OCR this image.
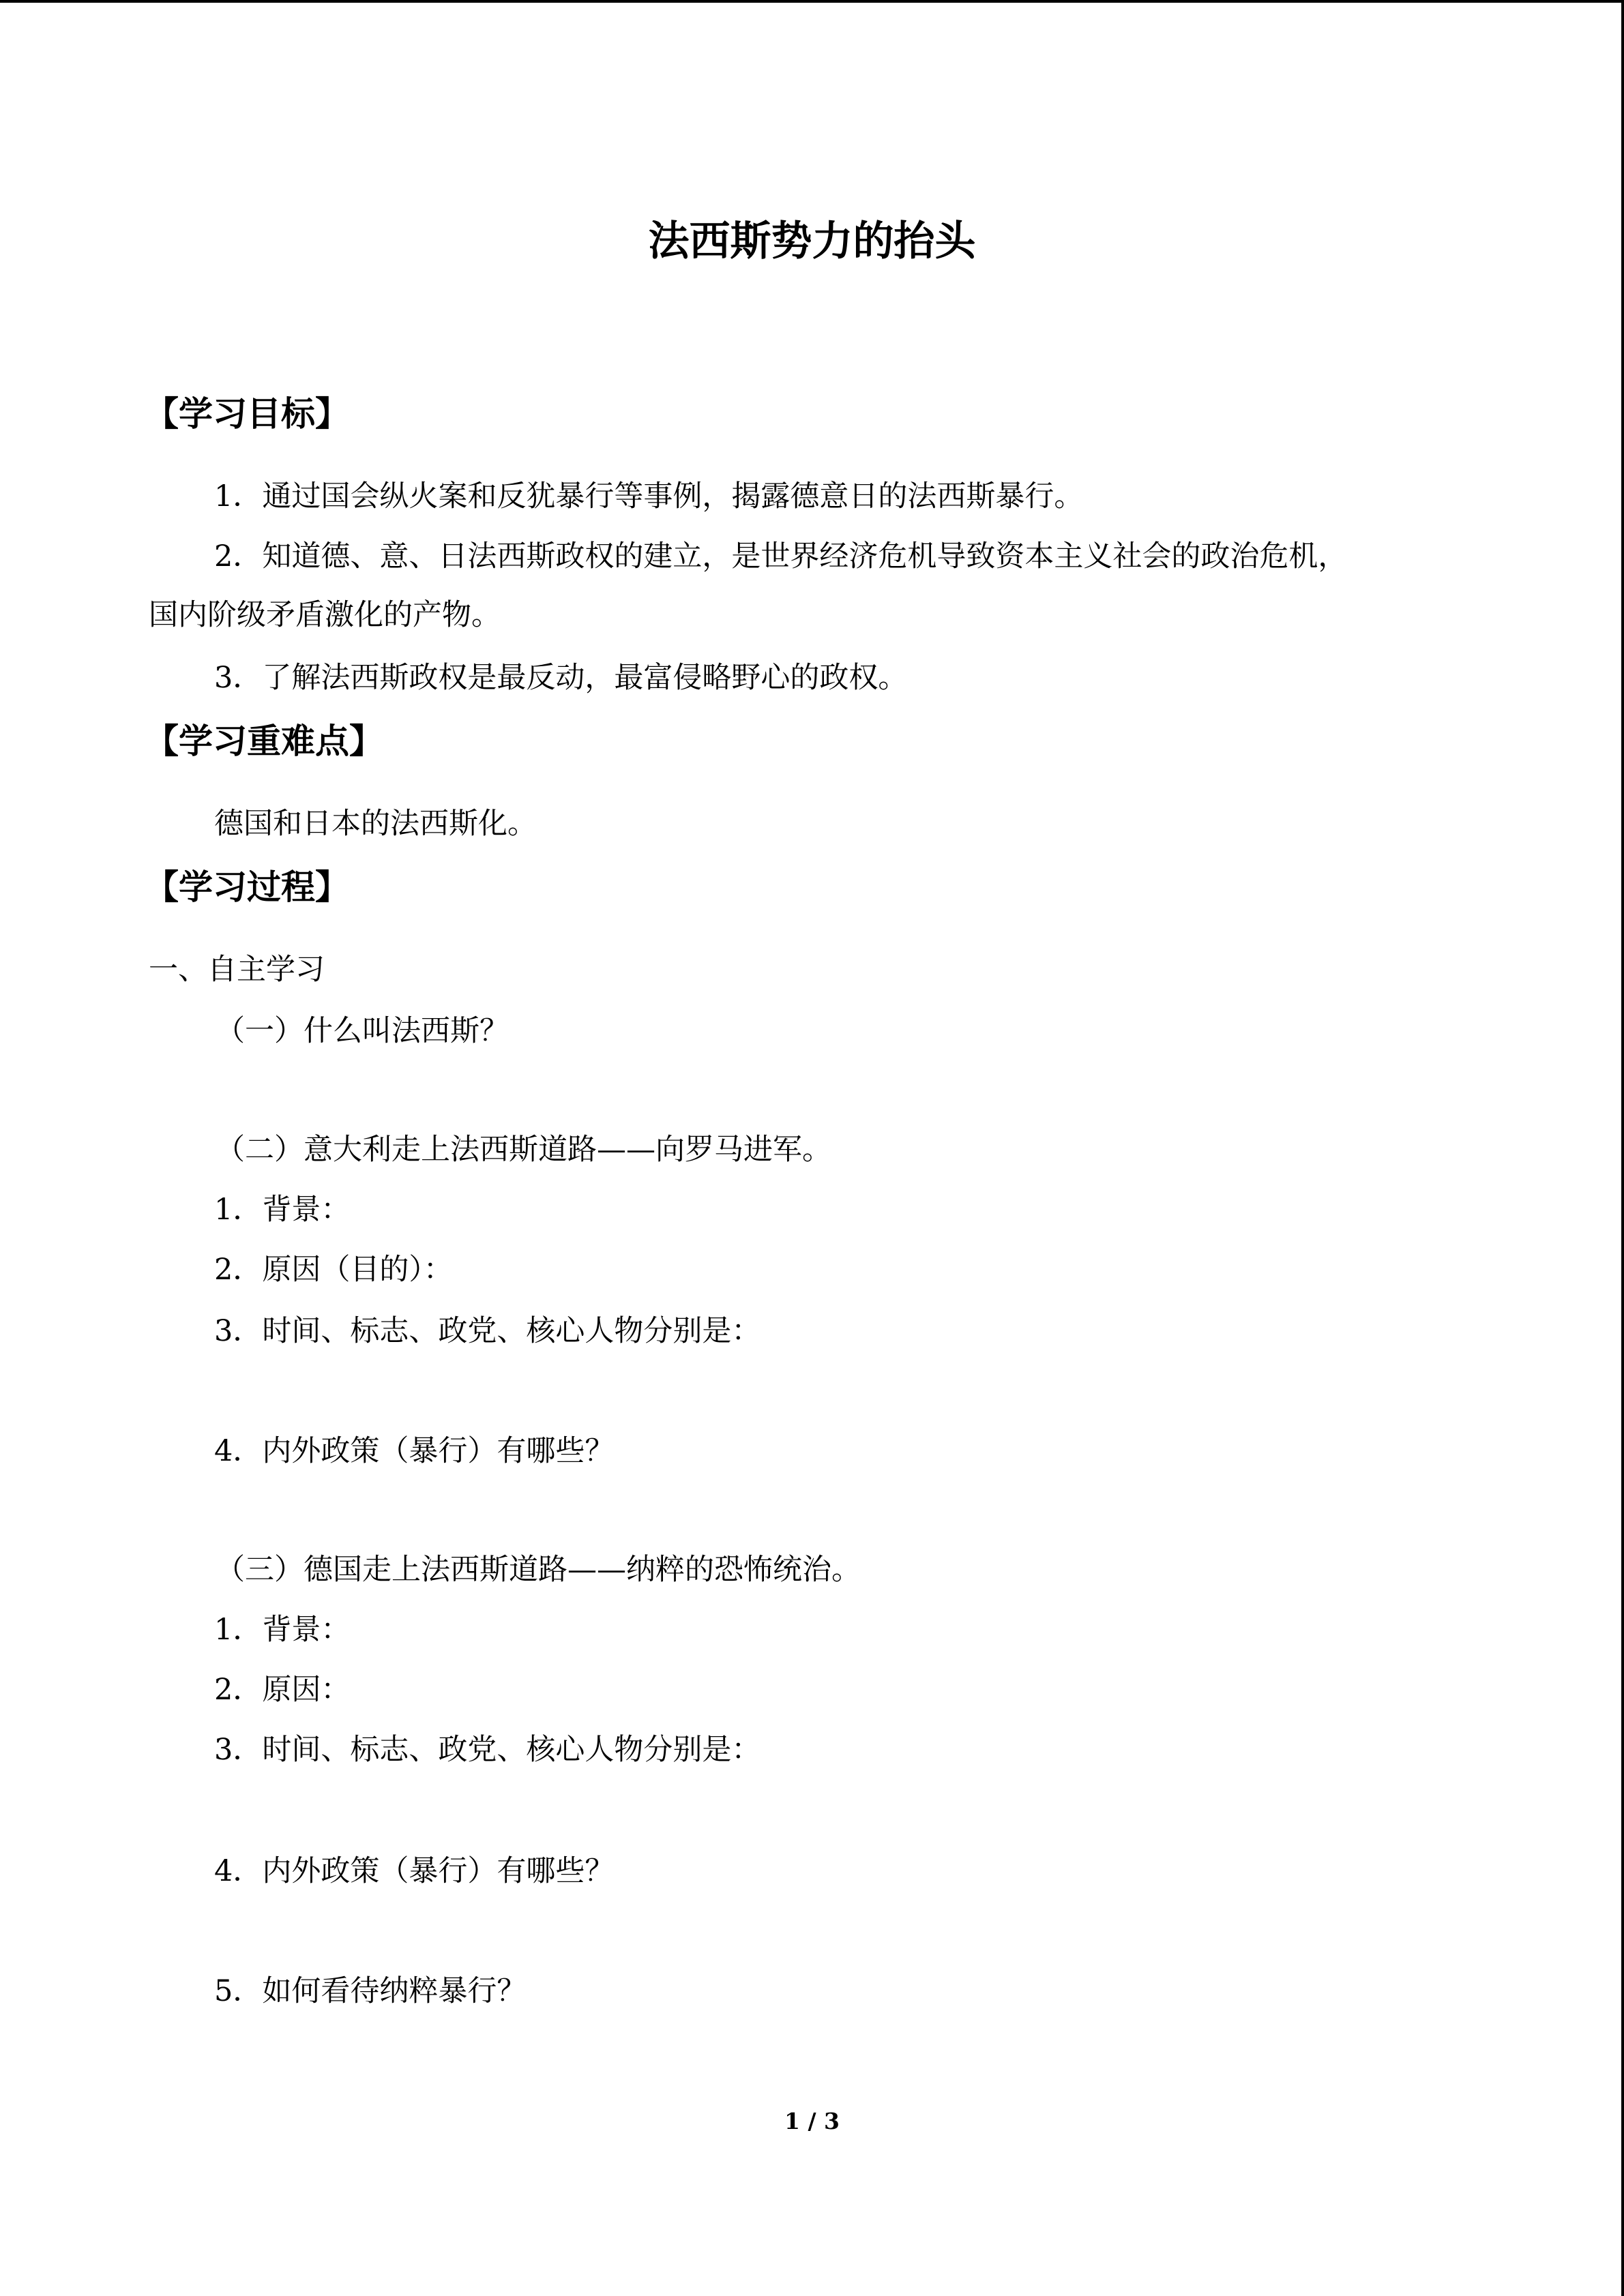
法西斯势力的抬头
【学习目标】
1．通过国会纵火案和反犹暴行等事例，揭露德意日的法西斯暴行。
2．知道德、意、日法西斯政权的建立，是世界经济危机导致资本主义社会的政治危机，
国内阶级矛盾激化的产物。
3．了解法西斯政权是最反动，最富侵略野心的政权。
【学习重难点】
德国和日本的法西斯化。
【学习过程】
一、自主学习
（一）什么叫法西斯？
（二）意大利走上法西斯道路——向罗马进军。
1．背景：
2．原因（目的）：
3．时间、标志、政党、核心人物分别是：
4．内外政策（暴行）有哪些？
（三）德国走上法西斯道路——纳粹的恐怖统治。
1．背景：
2．原因：
3．时间、标志、政党、核心人物分别是：
4．内外政策（暴行）有哪些？
5．如何看待纳粹暴行？
1 / 3
